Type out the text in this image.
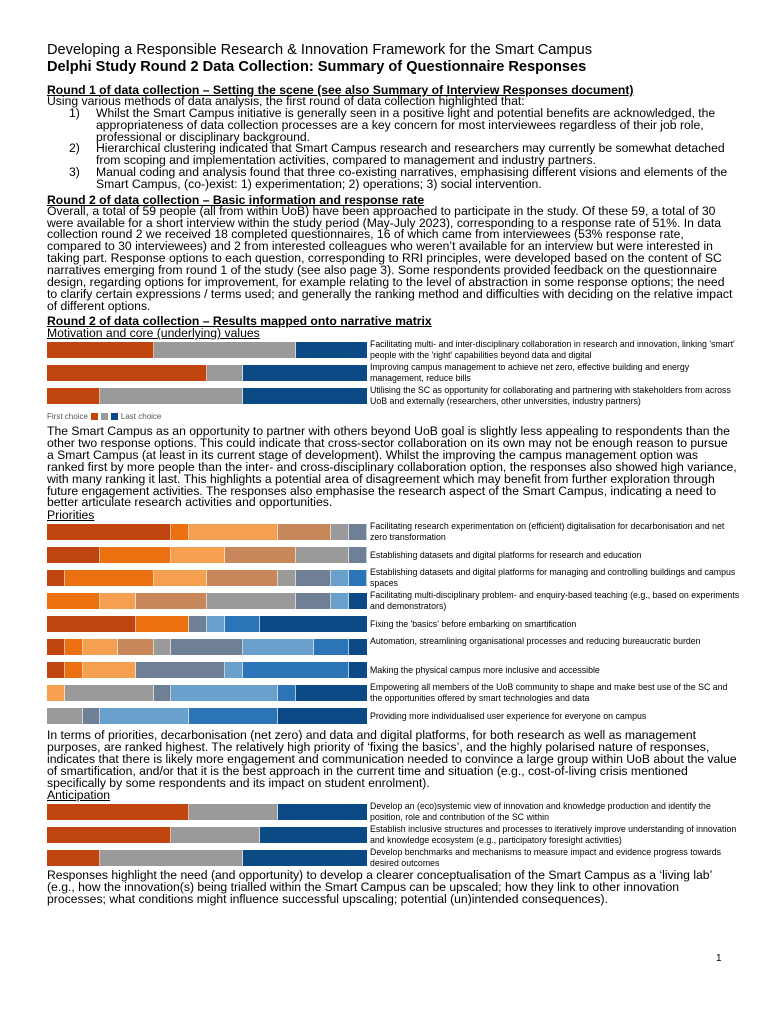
Developing a Responsible Research & Innovation Framework for the Smart Campus

Delphi Study Round 2 Data Collection: Summary of Questionnaire Responses

Round 1 of data collection – Setting the scene (see also Summary of Interview Responses document)

Using various methods of data analysis, the first round of data collection highlighted that:

1) Whilst the Smart Campus initiative is generally seen in a positive light and potential benefits are acknowledged, the appropriateness of data collection processes are a key concern for most interviewees regardless of their job role, professional or disciplinary background.
2) Hierarchical clustering indicated that Smart Campus research and researchers may currently be somewhat detached from scoping and implementation activities, compared to management and industry partners.
3) Manual coding and analysis found that three co-existing narratives, emphasising different visions and elements of the Smart Campus, (co-)exist: 1) experimentation; 2) operations; 3) social intervention.

Round 2 of data collection – Basic information and response rate

Overall, a total of 59 people (all from within UoB) have been approached to participate in the study. Of these 59, a total of 30 were available for a short interview within the study period (May-July 2023), corresponding to a response rate of 51%. In data collection round 2 we received 18 completed questionnaires, 16 of which came from interviewees (53% response rate, compared to 30 interviewees) and 2 from interested colleagues who weren’t available for an interview but were interested in taking part. Response options to each question, corresponding to RRI principles, were developed based on the content of SC narratives emerging from round 1 of the study (see also page 3). Some respondents provided feedback on the questionnaire design, regarding options for improvement, for example relating to the level of abstraction in some response options; the need to clarify certain expressions / terms used; and generally the ranking method and difficulties with deciding on the relative impact of different options.

Round 2 of data collection – Results mapped onto narrative matrix

Motivation and core (underlying) values

Facilitating multi- and inter-disciplinary collaboration in research and innovation, linking 'smart' people with the 'right' capabilities beyond data and digital
Improving campus management to achieve net zero, effective building and energy management, reduce bills
Utilising the SC as opportunity for collaborating and partnering with stakeholders from across UoB and externally (researchers, other universities, industry partners)
First choice	Last choice

The Smart Campus as an opportunity to partner with others beyond UoB goal is slightly less appealing to respondents than the other two response options. This could indicate that cross-sector collaboration on its own may not be enough reason to pursue a Smart Campus (at least in its current stage of development). Whilst the improving the campus management option was ranked first by more people than the inter- and cross-disciplinary collaboration option, the responses also showed high variance, with many ranking it last. This highlights a potential area of disagreement which may benefit from further exploration through future engagement activities. The responses also emphasise the research aspect of the Smart Campus, indicating a need to better articulate research activities and opportunities.

Priorities

Facilitating research experimentation on (efficient) digitalisation for decarbonisation and net zero transformation
Establishing datasets and digital platforms for research and education
Establishing datasets and digital platforms for managing and controlling buildings and campus spaces
Facilitating multi-disciplinary problem- and enquiry-based teaching (e.g., based on experiments and demonstrators)
Fixing the 'basics' before embarking on smartification
Automation, streamlining organisational processes and reducing bureaucratic burden
Making the physical campus more inclusive and accessible
Empowering all members of the UoB community to shape and make best use of the SC and the opportunities offered by smart technologies and data
Providing more individualised user experience for everyone on campus

In terms of priorities, decarbonisation (net zero) and data and digital platforms, for both research as well as management purposes, are ranked highest. The relatively high priority of ‘fixing the basics’, and the highly polarised nature of responses, indicates that there is likely more engagement and communication needed to convince a large group within UoB about the value of smartification, and/or that it is the best approach in the current time and situation (e.g., cost-of-living crisis mentioned specifically by some respondents and its impact on student enrolment).

Anticipation

Develop an (eco)systemic view of innovation and knowledge production and identify the position, role and contribution of the SC within
Establish inclusive structures and processes to iteratively improve understanding of innovation and knowledge ecosystem (e.g., participatory foresight activities)
Develop benchmarks and mechanisms to measure impact and evidence progress towards desired outcomes

Responses highlight the need (and opportunity) to develop a clearer conceptualisation of the Smart Campus as a ‘living lab’ (e.g., how the innovation(s) being trialled within the Smart Campus can be upscaled; how they link to other innovation processes; what conditions might influence successful upscaling; potential (un)intended consequences).

1
